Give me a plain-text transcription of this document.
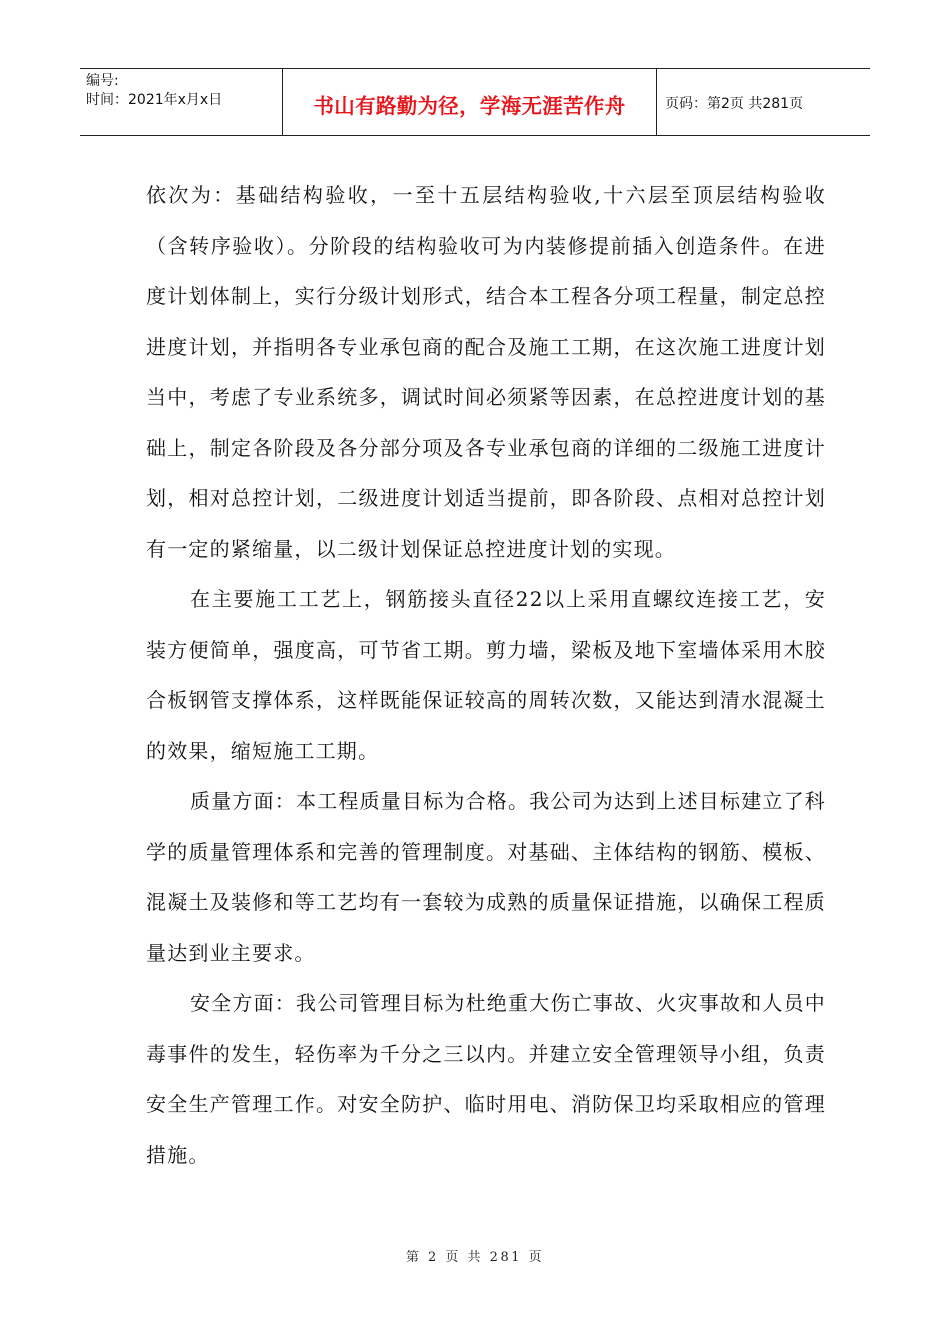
编号:
时间：2021年x月x日	书山有路勤为径，学海无涯苦作舟	页码：第2页 共281页

依次为：基础结构验收，一至十五层结构验收,十六层至顶层结构验收（含转序验收）。分阶段的结构验收可为内装修提前插入创造条件。在进度计划体制上，实行分级计划形式，结合本工程各分项工程量，制定总控进度计划，并指明各专业承包商的配合及施工工期，在这次施工进度计划当中，考虑了专业系统多，调试时间必须紧等因素，在总控进度计划的基础上，制定各阶段及各分部分项及各专业承包商的详细的二级施工进度计划，相对总控计划，二级进度计划适当提前，即各阶段、点相对总控计划有一定的紧缩量，以二级计划保证总控进度计划的实现。

在主要施工工艺上，钢筋接头直径22以上采用直螺纹连接工艺，安装方便简单，强度高，可节省工期。剪力墙，梁板及地下室墙体采用木胶合板钢管支撑体系，这样既能保证较高的周转次数，又能达到清水混凝土的效果，缩短施工工期。

质量方面：本工程质量目标为合格。我公司为达到上述目标建立了科学的质量管理体系和完善的管理制度。对基础、主体结构的钢筋、模板、混凝土及装修和等工艺均有一套较为成熟的质量保证措施，以确保工程质量达到业主要求。

安全方面：我公司管理目标为杜绝重大伤亡事故、火灾事故和人员中毒事件的发生，轻伤率为千分之三以内。并建立安全管理领导小组，负责安全生产管理工作。对安全防护、临时用电、消防保卫均采取相应的管理措施。

第 2 页 共 281 页
